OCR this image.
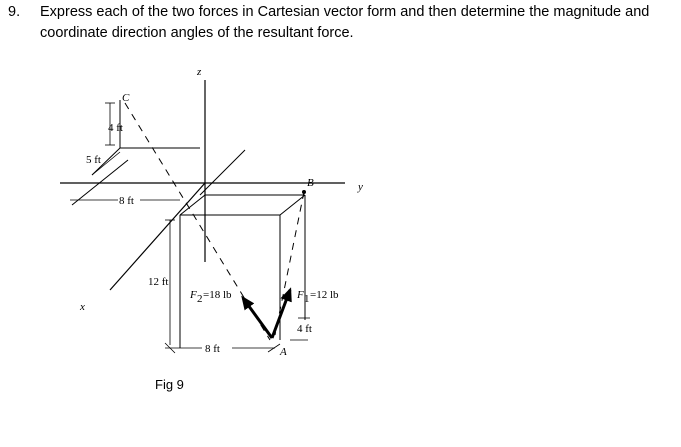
9. Express each of the two forces in Cartesian vector form and then determine the magnitude and coordinate direction angles of the resultant force.
z
y
x
C
B
A
4 ft
5 ft
8 ft
12 ft
8 ft
4 ft
F 2 =18 lb	F 1 =12 lb
Fig 9
